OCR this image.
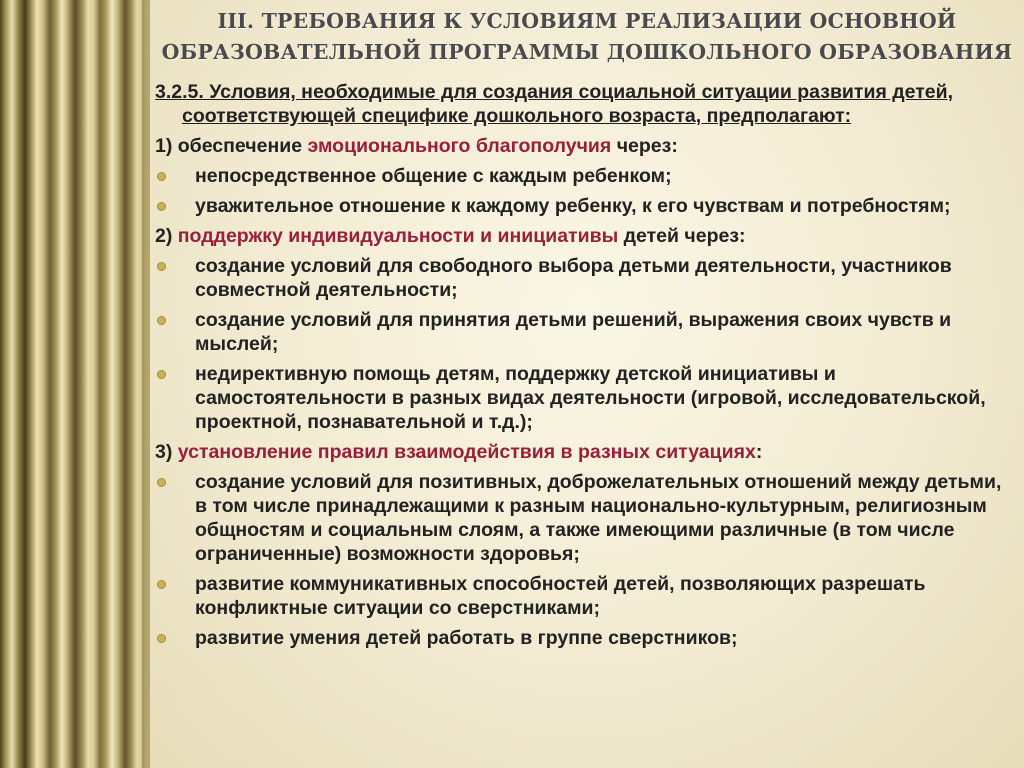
III. ТРЕБОВАНИЯ К УСЛОВИЯМ РЕАЛИЗАЦИИ ОСНОВНОЙ
ОБРАЗОВАТЕЛЬНОЙ ПРОГРАММЫ ДОШКОЛЬНОГО ОБРАЗОВАНИЯ

3.2.5. Условия, необходимые для создания социальной ситуации развития детей, соответствующей специфике дошкольного возраста, предполагают:

1) обеспечение эмоционального благополучия через:

непосредственное общение с каждым ребенком;
уважительное отношение к каждому ребенку, к его чувствам и потребностям;

2) поддержку индивидуальности и инициативы детей через:

создание условий для свободного выбора детьми деятельности, участников совместной деятельности;
создание условий для принятия детьми решений, выражения своих чувств и мыслей;
недирективную помощь детям, поддержку детской инициативы и самостоятельности в разных видах деятельности (игровой, исследовательской, проектной, познавательной и т.д.);

3) установление правил взаимодействия в разных ситуациях:

создание условий для позитивных, доброжелательных отношений между детьми, в том числе принадлежащими к разным национально-культурным, религиозным общностям и социальным слоям, а также имеющими различные (в том числе ограниченные) возможности здоровья;
развитие коммуникативных способностей детей, позволяющих разрешать конфликтные ситуации со сверстниками;
развитие умения детей работать в группе сверстников;
